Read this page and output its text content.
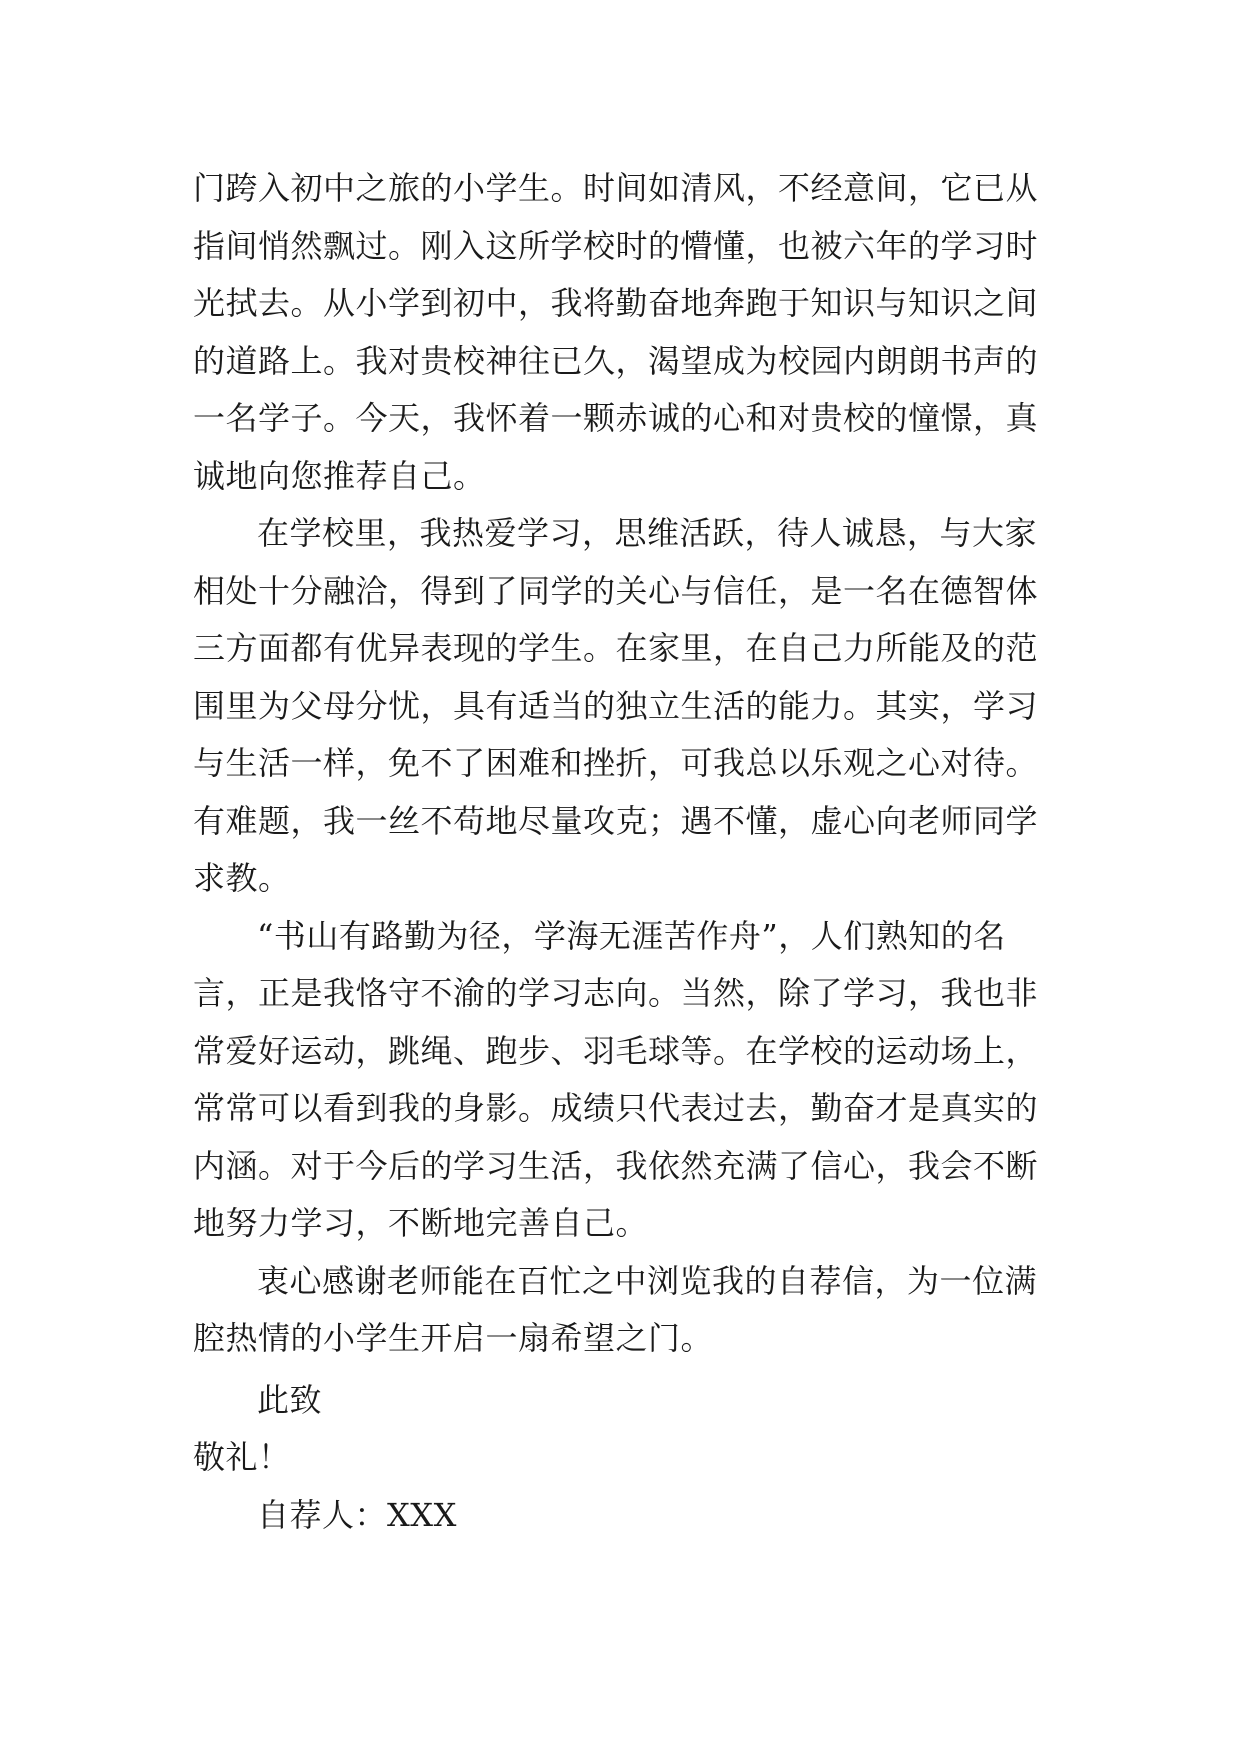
门跨入初中之旅的小学生。时间如清风，不经意间，它已从
指间悄然飘过。刚入这所学校时的懵懂，也被六年的学习时
光拭去。从小学到初中，我将勤奋地奔跑于知识与知识之间
的道路上。我对贵校神往已久，渴望成为校园内朗朗书声的
一名学子。今天，我怀着一颗赤诚的心和对贵校的憧憬，真
诚地向您推荐自己。
在学校里，我热爱学习，思维活跃，待人诚恳，与大家
相处十分融洽，得到了同学的关心与信任，是一名在德智体
三方面都有优异表现的学生。在家里，在自己力所能及的范
围里为父母分忧，具有适当的独立生活的能力。其实，学习
与生活一样，免不了困难和挫折，可我总以乐观之心对待。
有难题，我一丝不苟地尽量攻克；遇不懂，虚心向老师同学
求教。
“书山有路勤为径，学海无涯苦作舟”，人们熟知的名
言，正是我恪守不渝的学习志向。当然，除了学习，我也非
常爱好运动，跳绳、跑步、羽毛球等。在学校的运动场上，
常常可以看到我的身影。成绩只代表过去，勤奋才是真实的
内涵。对于今后的学习生活，我依然充满了信心，我会不断
地努力学习，不断地完善自己。
衷心感谢老师能在百忙之中浏览我的自荐信，为一位满
腔热情的小学生开启一扇希望之门。
此致
敬礼！
自荐人：XXX
